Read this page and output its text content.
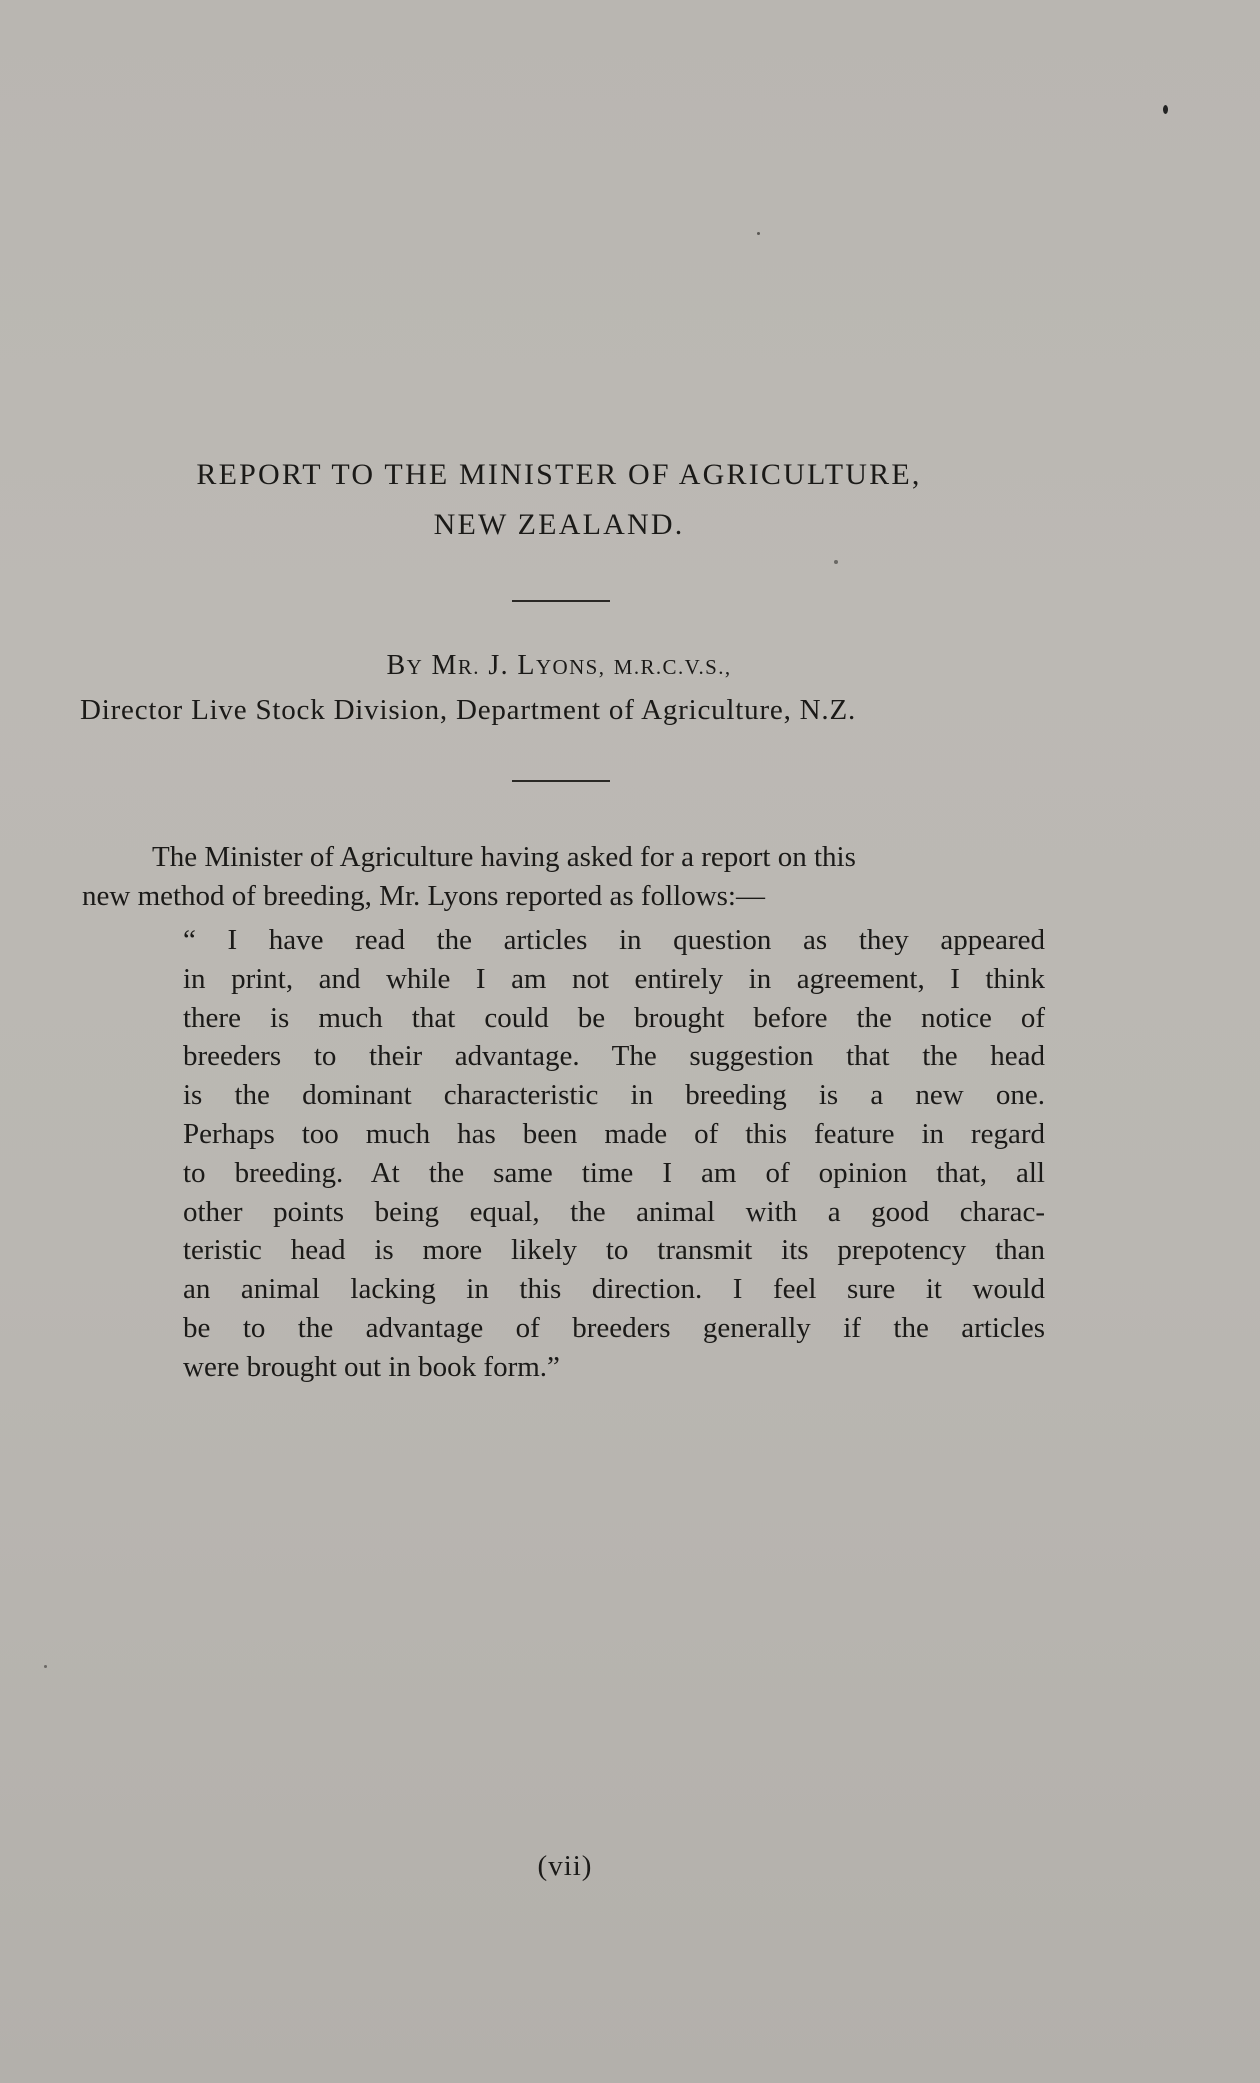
REPORT TO THE MINISTER OF AGRICULTURE,
NEW ZEALAND.
BY MR. J. LYONS, M.R.C.V.S.,
Director Live Stock Division, Department of Agriculture, N.Z.
The Minister of Agriculture having asked for a report on this
new method of breeding, Mr. Lyons reported as follows:—
“ I have read the articles in question as they appeared
in print, and while I am not entirely in agreement, I think
there is much that could be brought before the notice of
breeders to their advantage. The suggestion that the head
is the dominant characteristic in breeding is a new one.
Perhaps too much has been made of this feature in regard
to breeding. At the same time I am of opinion that, all
other points being equal, the animal with a good charac-
teristic head is more likely to transmit its prepotency than
an animal lacking in this direction. I feel sure it would
be to the advantage of breeders generally if the articles
were brought out in book form.”
(vii)
